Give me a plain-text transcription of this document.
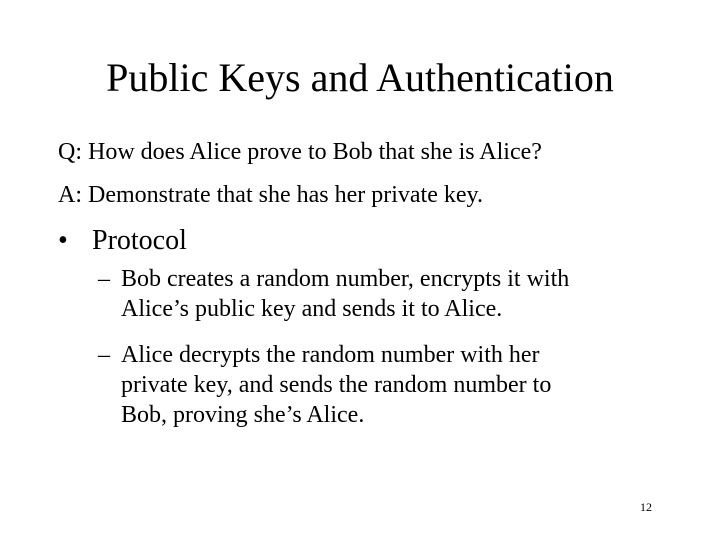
Public Keys and Authentication
Q: How does Alice prove to Bob that she is Alice?
A: Demonstrate that she has her private key.
• Protocol
– Bob creates a random number, encrypts it with
Alice’s public key and sends it to Alice.
– Alice decrypts the random number with her
private key, and sends the random number to
Bob, proving she’s Alice.
12
